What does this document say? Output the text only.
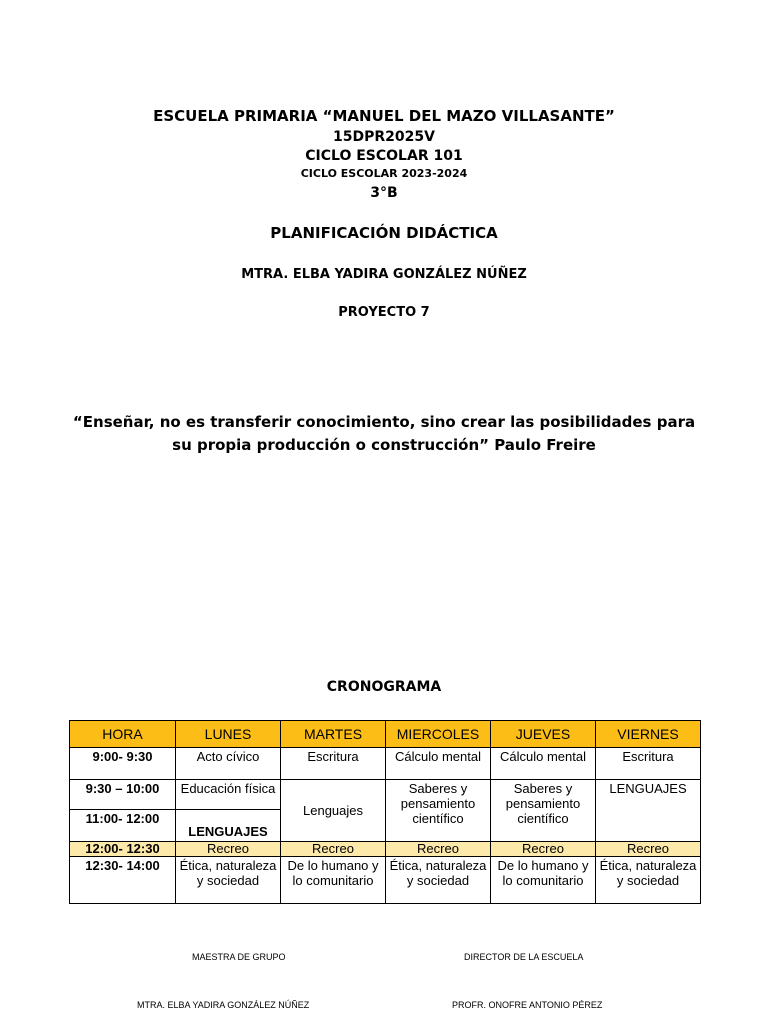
ESCUELA PRIMARIA “MANUEL DEL MAZO VILLASANTE”
15DPR2025V
CICLO ESCOLAR 101
CICLO ESCOLAR 2023-2024
3°B
PLANIFICACIÓN DIDÁCTICA
MTRA. ELBA YADIRA GONZÁLEZ NÚÑEZ
PROYECTO 7
“Enseñar, no es transferir conocimiento, sino crear las posibilidades para su propia producción o construcción” Paulo Freire
CRONOGRAMA
HORA	LUNES	MARTES	MIERCOLES	JUEVES	VIERNES
9:00- 9:30	Acto cívico	Escritura	Cálculo mental	Cálculo mental	Escritura
9:30 – 10:00	Educación física	Lenguajes	Saberes y pensamiento científico	Saberes y pensamiento científico	LENGUAJES
11:00- 12:00	LENGUAJES				
12:00- 12:30	Recreo	Recreo	Recreo	Recreo	Recreo
12:30- 14:00	Ética, naturaleza y sociedad	De lo humano y lo comunitario	Ética, naturaleza y sociedad	De lo humano y lo comunitario	Ética, naturaleza y sociedad
MAESTRA DE GRUPO	DIRECTOR DE LA ESCUELA
MTRA. ELBA YADIRA GONZÁLEZ NÚÑEZ	PROFR. ONOFRE ANTONIO PÉREZ
